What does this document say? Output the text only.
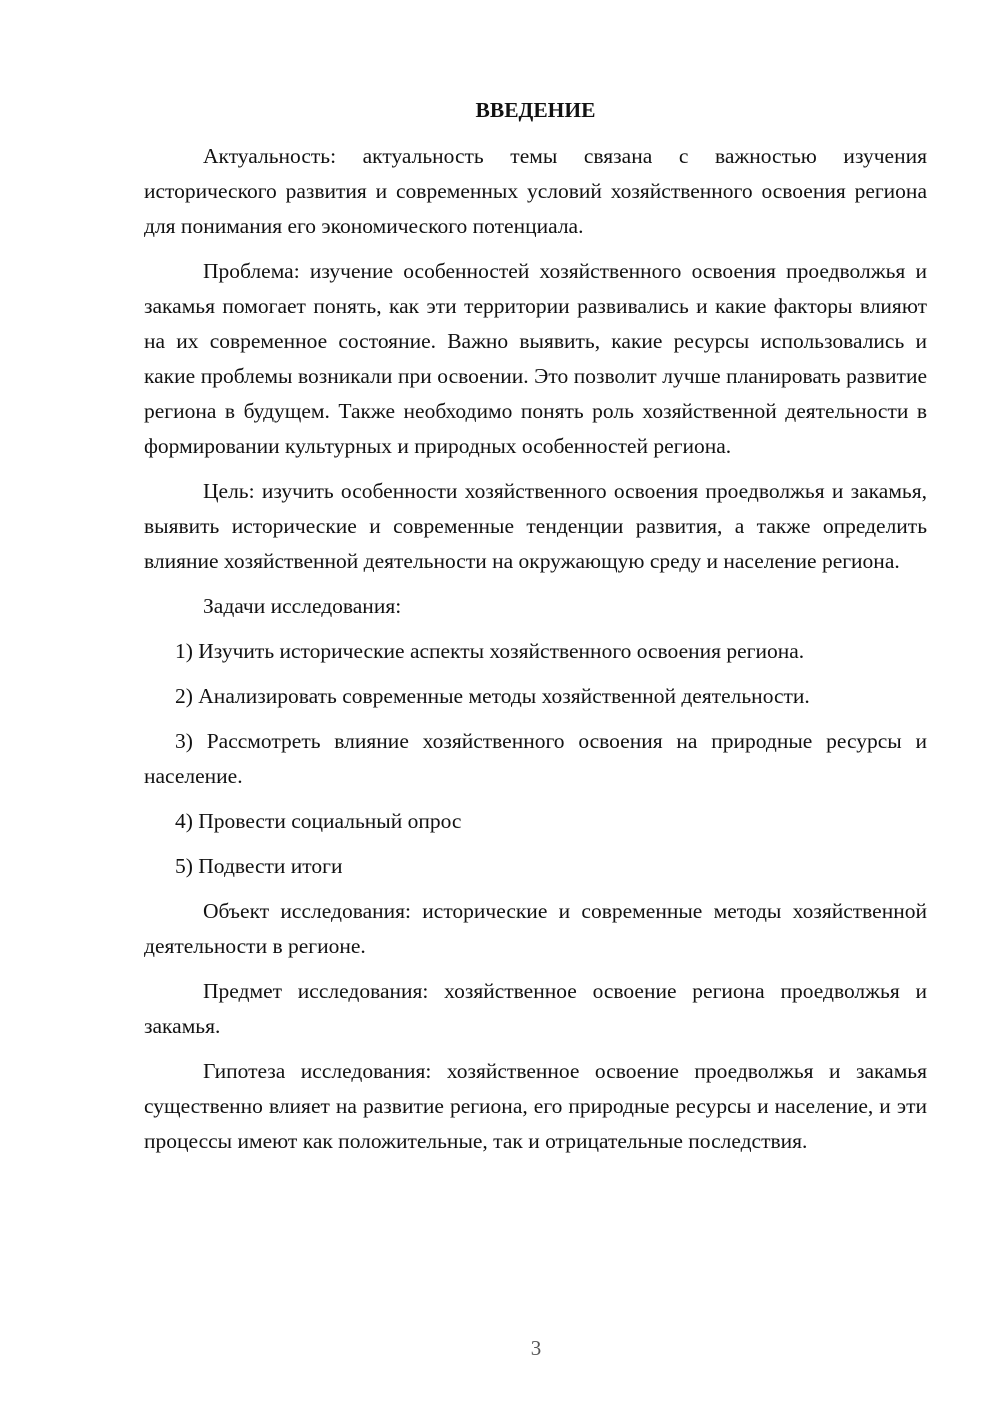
ВВЕДЕНИЕ

Актуальность: актуальность темы связана с важностью изучения исторического развития и современных условий хозяйственного освоения региона для понимания его экономического потенциала.

Проблема: изучение особенностей хозяйственного освоения проедволжья и закамья помогает понять, как эти территории развивались и какие факторы влияют на их современное состояние. Важно выявить, какие ресурсы использовались и какие проблемы возникали при освоении. Это позволит лучше планировать развитие региона в будущем. Также необходимо понять роль хозяйственной деятельности в формировании культурных и природных особенностей региона.

Цель: изучить особенности хозяйственного освоения проедволжья и закамья, выявить исторические и современные тенденции развития, а также определить влияние хозяйственной деятельности на окружающую среду и население региона.

Задачи исследования:

1) Изучить исторические аспекты хозяйственного освоения региона.

2) Анализировать современные методы хозяйственной деятельности.

3) Рассмотреть влияние хозяйственного освоения на природные ресурсы и население.

4) Провести социальный опрос

5) Подвести итоги

Объект исследования: исторические и современные методы хозяйственной деятельности в регионе.

Предмет исследования: хозяйственное освоение региона проедволжья и закамья.

Гипотеза исследования: хозяйственное освоение проедволжья и закамья существенно влияет на развитие региона, его природные ресурсы и население, и эти процессы имеют как положительные, так и отрицательные последствия.

3
